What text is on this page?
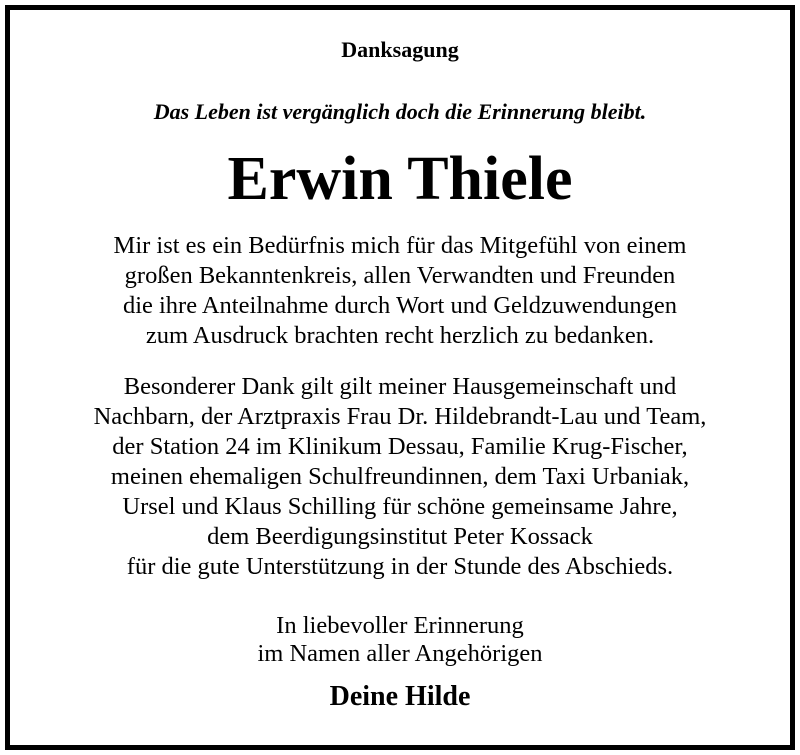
Danksagung
Das Leben ist vergänglich doch die Erinnerung bleibt.
Erwin Thiele

Mir ist es ein Bedürfnis mich für das Mitgefühl von einem
großen Bekanntenkreis, allen Verwandten und Freunden
die ihre Anteilnahme durch Wort und Geldzuwendungen
zum Ausdruck brachten recht herzlich zu bedanken.

Besonderer Dank gilt gilt meiner Hausgemeinschaft und
Nachbarn, der Arztpraxis Frau Dr. Hildebrandt-Lau und Team,
der Station 24 im Klinikum Dessau, Familie Krug-Fischer,
meinen ehemaligen Schulfreundinnen, dem Taxi Urbaniak,
Ursel und Klaus Schilling für schöne gemeinsame Jahre,
dem Beerdigungsinstitut Peter Kossack
für die gute Unterstützung in der Stunde des Abschieds.

In liebevoller Erinnerung
im Namen aller Angehörigen

Deine Hilde
